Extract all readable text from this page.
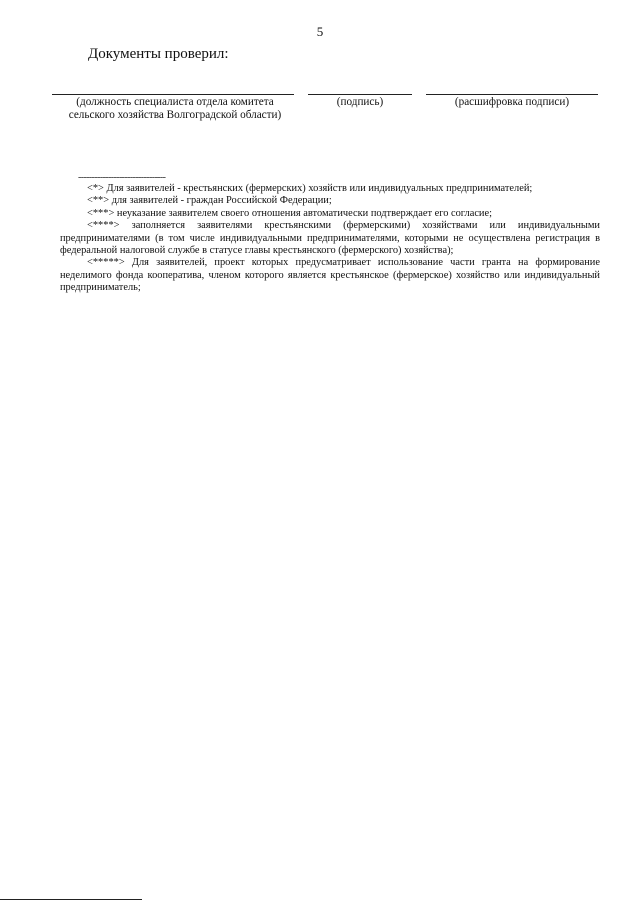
5
Документы проверил:
(должность специалиста отдела комитета сельского хозяйства Волгоградской области)
(подпись)	(расшифровка подписи)
--------------------------------

<*> Для заявителей - крестьянских (фермерских) хозяйств или индивидуальных предпринимателей;

<**> для заявителей - граждан Российской Федерации;

<***> неуказание заявителем своего отношения автоматически подтверждает его согласие;

<****> заполняется заявителями крестьянскими (фермерскими) хозяйствами или индивидуальными предпринимателями (в том числе индивидуальными предпринимателями, которыми не осуществлена регистрация в федеральной налоговой службе в статусе главы крестьянского (фермерского) хозяйства);

<*****> Для заявителей, проект которых предусматривает использование части гранта на формирование неделимого фонда кооператива, членом которого является крестьянское (фермерское) хозяйство или индивидуальный предприниматель;
